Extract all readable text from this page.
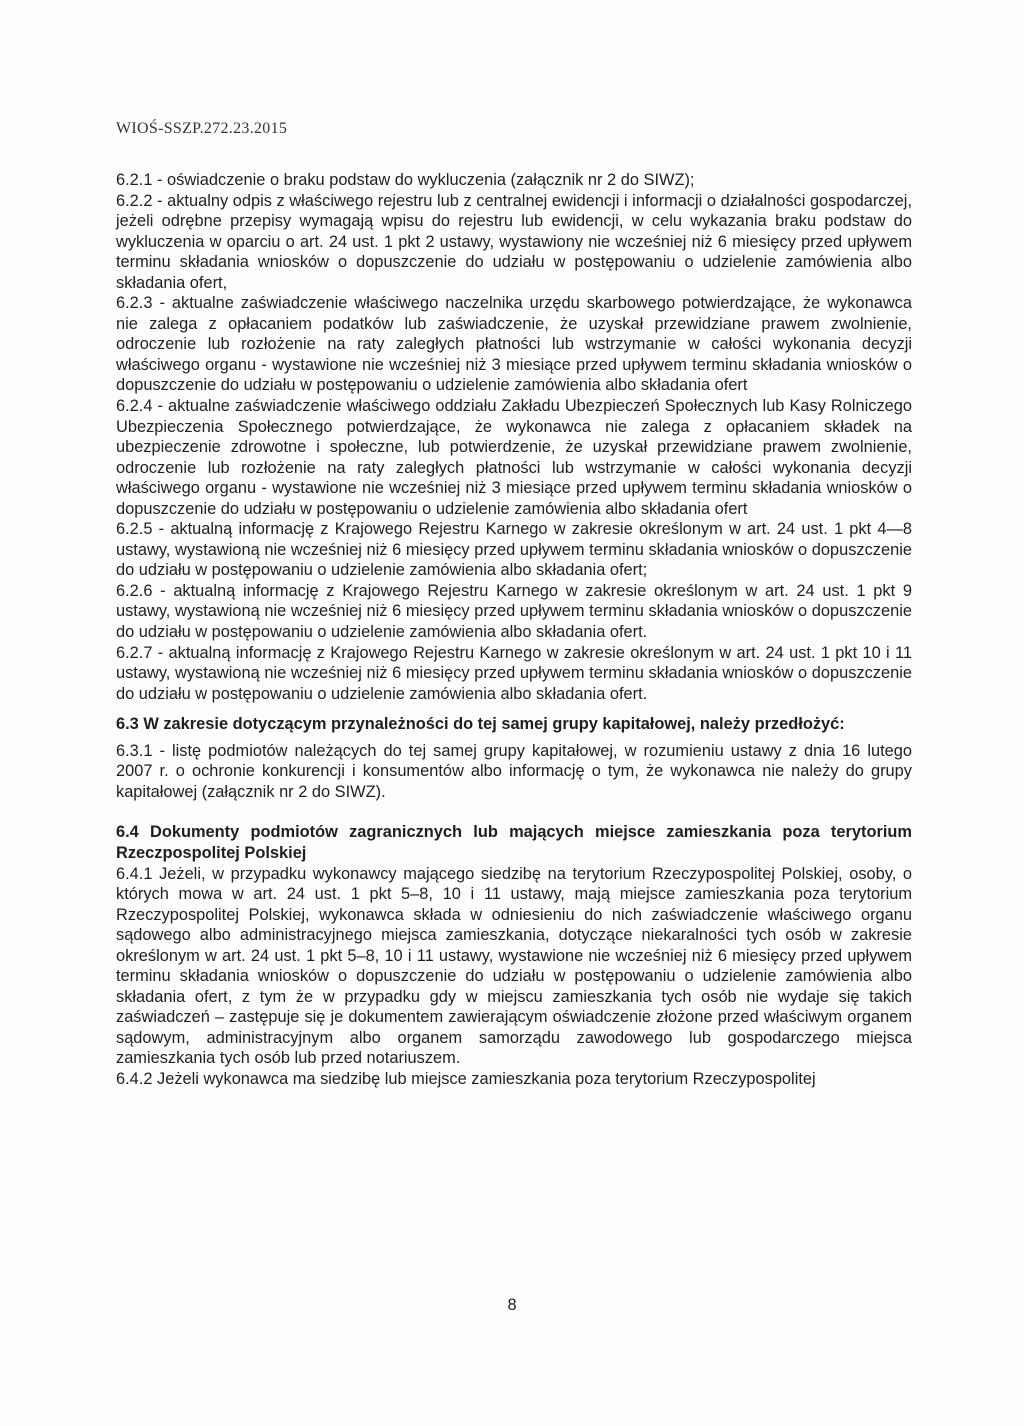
WIOŚ-SSZP.272.23.2015

6.2.1 - oświadczenie o braku podstaw do wykluczenia (załącznik nr 2 do SIWZ);

6.2.2 - aktualny odpis z właściwego rejestru lub z centralnej ewidencji i informacji o działalności gospodarczej, jeżeli odrębne przepisy wymagają wpisu do rejestru lub ewidencji, w celu wykazania braku podstaw do wykluczenia w oparciu o art. 24 ust. 1 pkt 2 ustawy, wystawiony nie wcześniej niż 6 miesięcy przed upływem terminu składania wniosków o dopuszczenie do udziału w postępowaniu o udzielenie zamówienia albo składania ofert,

6.2.3 - aktualne zaświadczenie właściwego naczelnika urzędu skarbowego potwierdzające, że wykonawca nie zalega z opłacaniem podatków lub zaświadczenie, że uzyskał przewidziane prawem zwolnienie, odroczenie lub rozłożenie na raty zaległych płatności lub wstrzymanie w całości wykonania decyzji właściwego organu - wystawione nie wcześniej niż 3 miesiące przed upływem terminu składania wniosków o dopuszczenie do udziału w postępowaniu o udzielenie zamówienia albo składania ofert

6.2.4 - aktualne zaświadczenie właściwego oddziału Zakładu Ubezpieczeń Społecznych lub Kasy Rolniczego Ubezpieczenia Społecznego potwierdzające, że wykonawca nie zalega z opłacaniem składek na ubezpieczenie zdrowotne i społeczne, lub potwierdzenie, że uzyskał przewidziane prawem zwolnienie, odroczenie lub rozłożenie na raty zaległych płatności lub wstrzymanie w całości wykonania decyzji właściwego organu - wystawione nie wcześniej niż 3 miesiące przed upływem terminu składania wniosków o dopuszczenie do udziału w postępowaniu o udzielenie zamówienia albo składania ofert

6.2.5 - aktualną informację z Krajowego Rejestru Karnego w zakresie określonym w art. 24 ust. 1 pkt 4—8 ustawy, wystawioną nie wcześniej niż 6 miesięcy przed upływem terminu składania wniosków o dopuszczenie do udziału w postępowaniu o udzielenie zamówienia albo składania ofert;

6.2.6 - aktualną informację z Krajowego Rejestru Karnego w zakresie określonym w art. 24 ust. 1 pkt 9 ustawy, wystawioną nie wcześniej niż 6 miesięcy przed upływem terminu składania wniosków o dopuszczenie do udziału w postępowaniu o udzielenie zamówienia albo składania ofert.

6.2.7 - aktualną informację z Krajowego Rejestru Karnego w zakresie określonym w art. 24 ust. 1 pkt 10 i 11 ustawy, wystawioną nie wcześniej niż 6 miesięcy przed upływem terminu składania wniosków o dopuszczenie do udziału w postępowaniu o udzielenie zamówienia albo składania ofert.

6.3 W zakresie dotyczącym przynależności do tej samej grupy kapitałowej, należy przedłożyć:

6.3.1 - listę podmiotów należących do tej samej grupy kapitałowej, w rozumieniu ustawy z dnia 16 lutego 2007 r. o ochronie konkurencji i konsumentów albo informację o tym, że wykonawca nie należy do grupy kapitałowej (załącznik nr 2 do SIWZ).

6.4 Dokumenty podmiotów zagranicznych lub mających miejsce zamieszkania poza terytorium Rzeczpospolitej Polskiej

6.4.1 Jeżeli, w przypadku wykonawcy mającego siedzibę na terytorium Rzeczypospolitej Polskiej, osoby, o których mowa w art. 24 ust. 1 pkt 5–8, 10 i 11 ustawy, mają miejsce zamieszkania poza terytorium Rzeczypospolitej Polskiej, wykonawca składa w odniesieniu do nich zaświadczenie właściwego organu sądowego albo administracyjnego miejsca zamieszkania, dotyczące niekaralności tych osób w zakresie określonym w art. 24 ust. 1 pkt 5–8, 10 i 11 ustawy, wystawione nie wcześniej niż 6 miesięcy przed upływem terminu składania wniosków o dopuszczenie do udziału w postępowaniu o udzielenie zamówienia albo składania ofert, z tym że w przypadku gdy w miejscu zamieszkania tych osób nie wydaje się takich zaświadczeń – zastępuje się je dokumentem zawierającym oświadczenie złożone przed właściwym organem sądowym, administracyjnym albo organem samorządu zawodowego lub gospodarczego miejsca zamieszkania tych osób lub przed notariuszem.

6.4.2 Jeżeli wykonawca ma siedzibę lub miejsce zamieszkania poza terytorium Rzeczypospolitej

8
